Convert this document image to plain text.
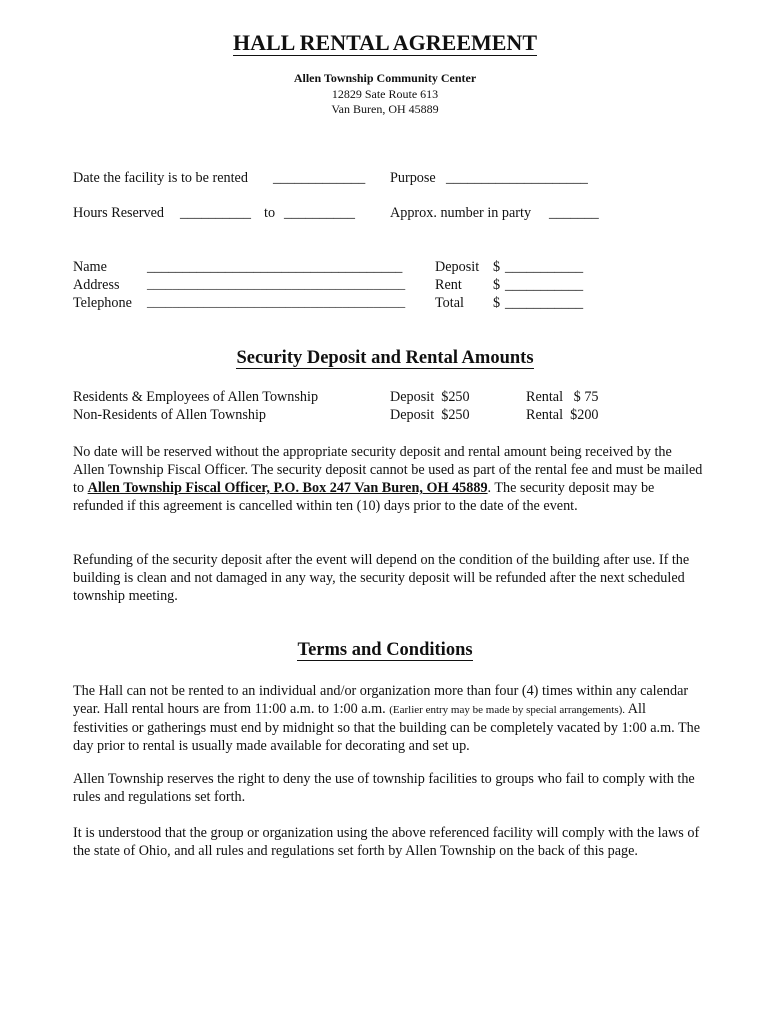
HALL RENTAL AGREEMENT
Allen Township Community Center
12829 Sate Route 613
Van Buren, OH 45889
Date the facility is to be rented _____________ Purpose ____________________
Hours Reserved __________ to __________ Approx. number in party _______
Name	____________________________________
Address _________________________________________
Telephone _________________________________________
Deposit $ ___________
Rent $ ___________
Total $ ___________
Security Deposit and Rental Amounts
Residents & Employees of Allen Township	Deposit  $250	Rental   $ 75
Non-Residents of Allen Township	Deposit  $250	Rental  $200

No date will be reserved without the appropriate security deposit and rental amount being received by the Allen Township Fiscal Officer. The security deposit cannot be used as part of the rental fee and must be mailed to Allen Township Fiscal Officer, P.O. Box 247 Van Buren, OH 45889. The security deposit may be refunded if this agreement is cancelled within ten (10) days prior to the date of the event.

Refunding of the security deposit after the event will depend on the condition of the building after use. If the building is clean and not damaged in any way, the security deposit will be refunded after the next scheduled township meeting.

Terms and Conditions

The Hall can not be rented to an individual and/or organization more than four (4) times within any calendar year. Hall rental hours are from 11:00 a.m. to 1:00 a.m. (Earlier entry may be made by special arrangements). All festivities or gatherings must end by midnight so that the building can be completely vacated by 1:00 a.m. The day prior to rental is usually made available for decorating and set up.

Allen Township reserves the right to deny the use of township facilities to groups who fail to comply with the rules and regulations set forth.

It is understood that the group or organization using the above referenced facility will comply with the laws of the state of Ohio, and all rules and regulations set forth by Allen Township on the back of this page.
